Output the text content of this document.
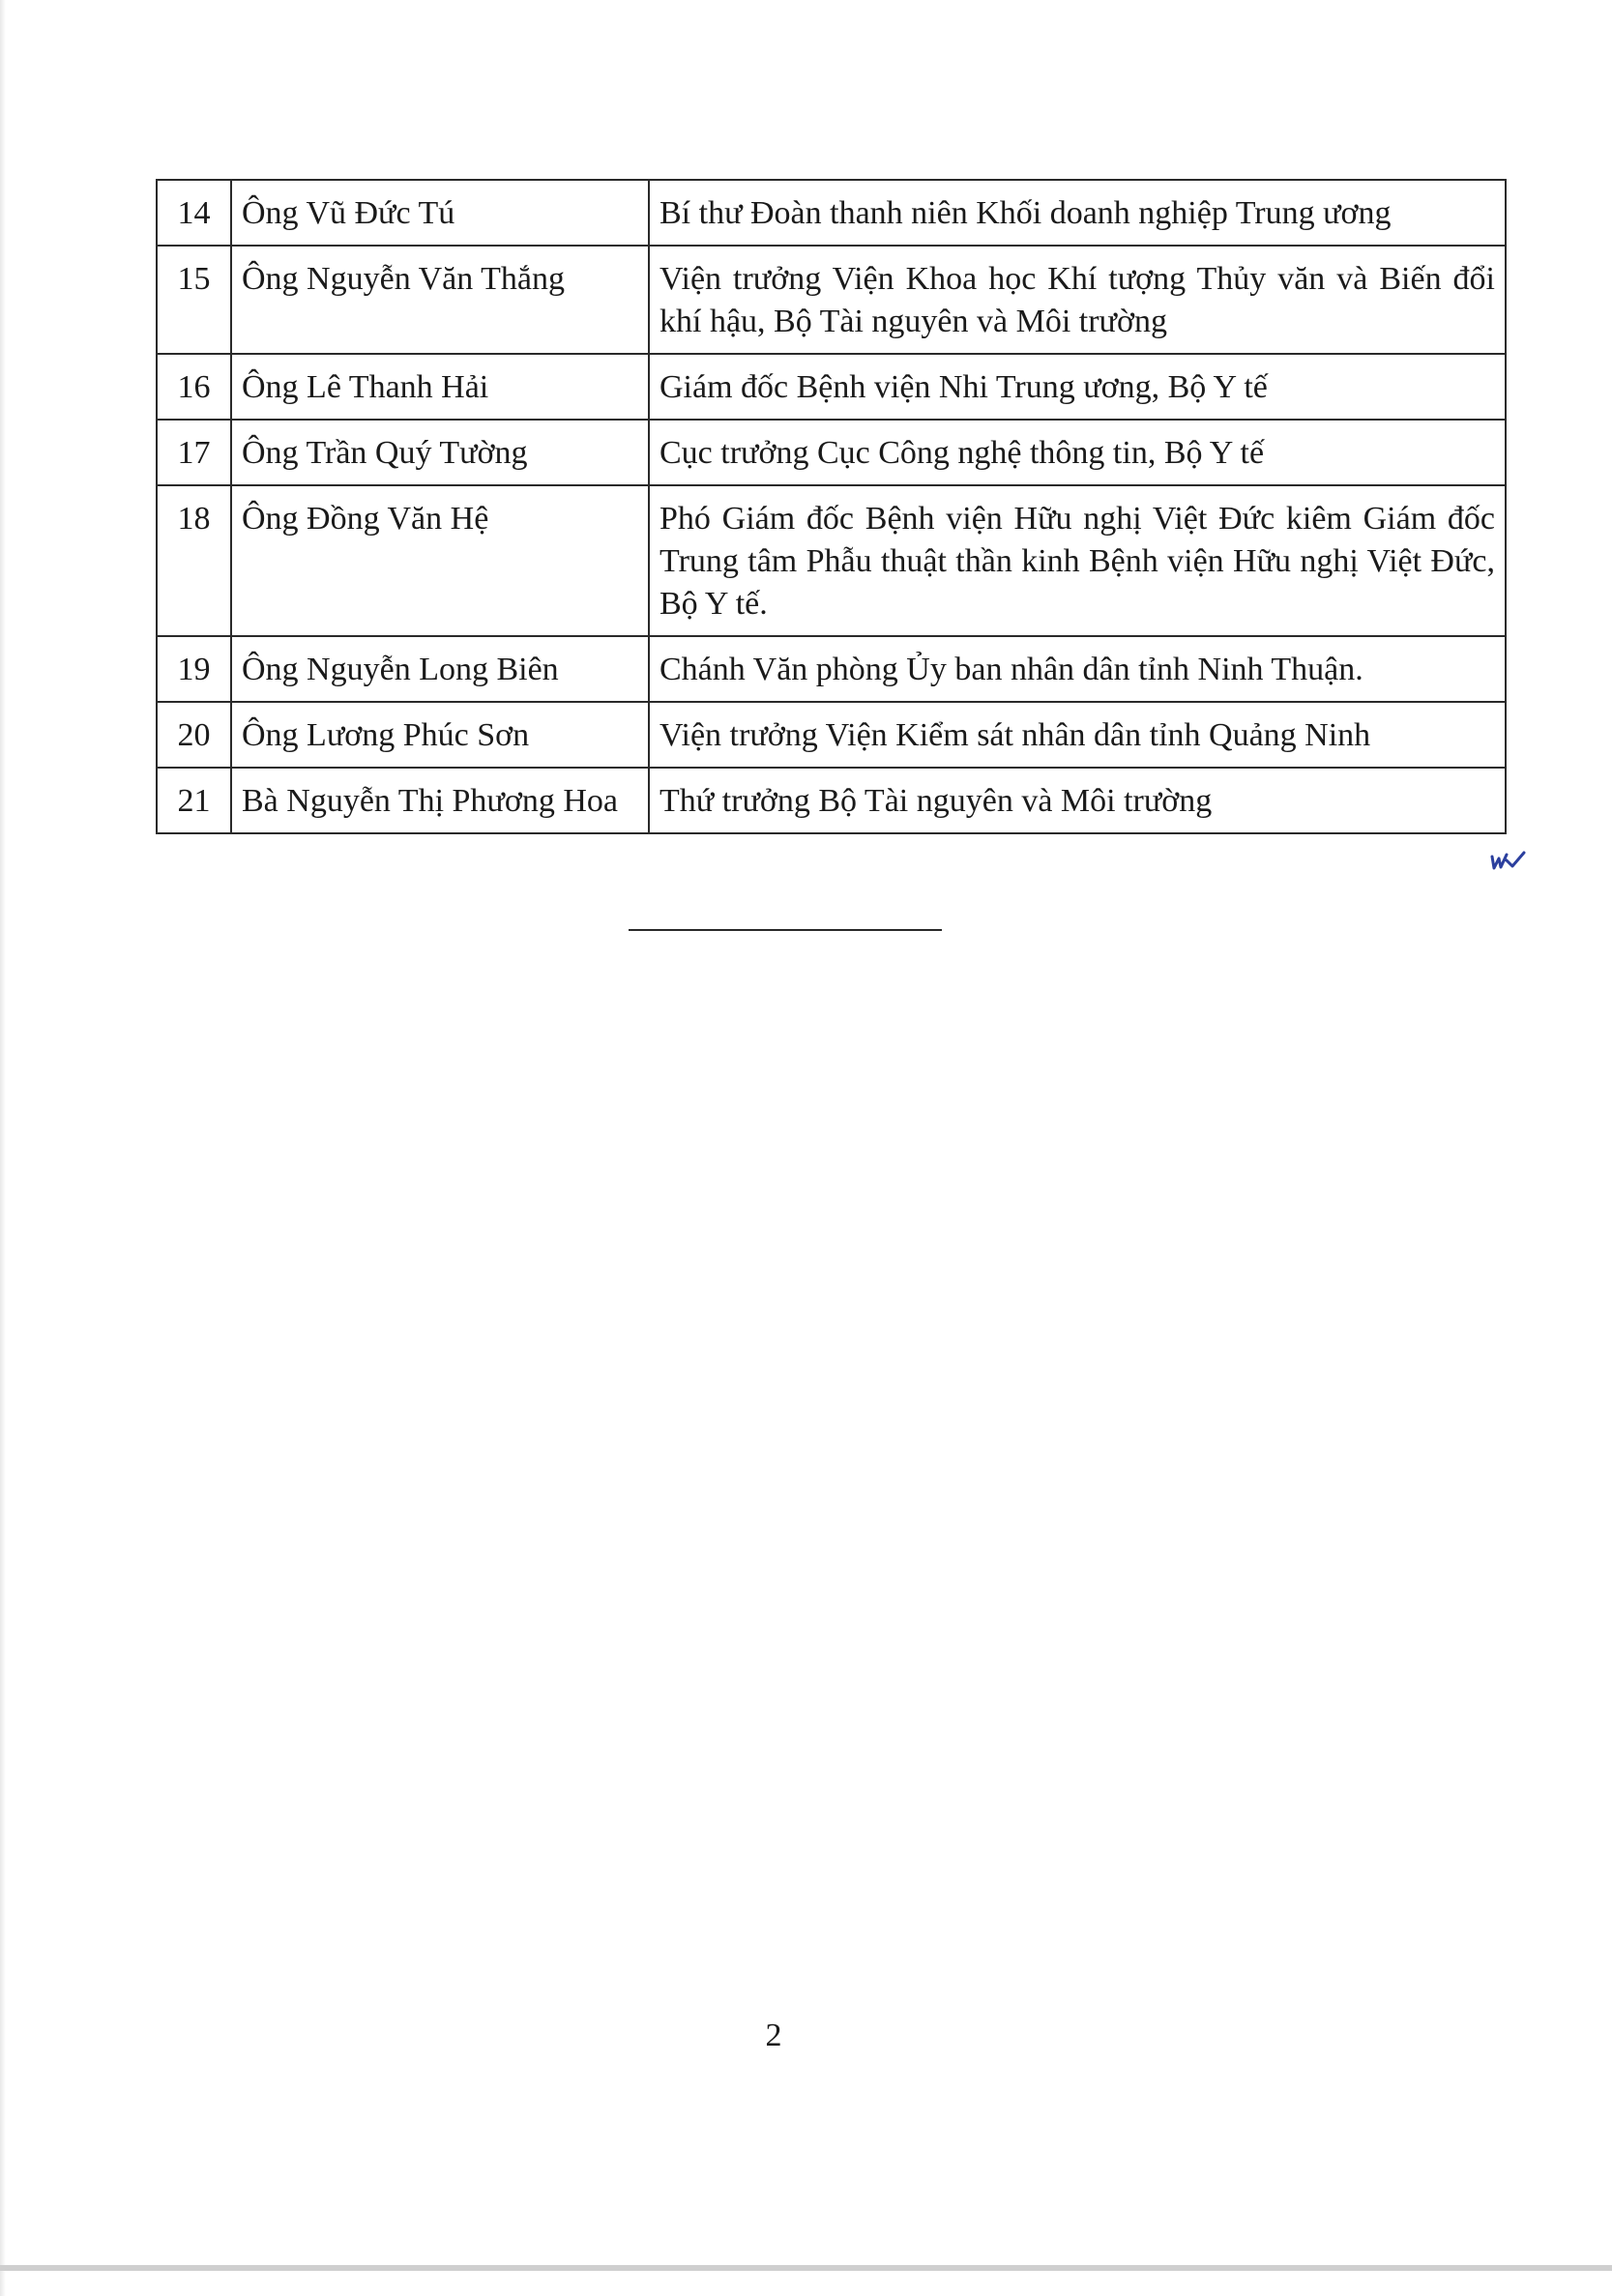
14	Ông Vũ Đức Tú	Bí thư Đoàn thanh niên Khối doanh nghiệp Trung ương
15	Ông Nguyễn Văn Thắng	Viện trưởng Viện Khoa học Khí tượng Thủy văn và Biến đổi khí hậu, Bộ Tài nguyên và Môi trường
16	Ông Lê Thanh Hải	Giám đốc Bệnh viện Nhi Trung ương, Bộ Y tế
17	Ông Trần Quý Tường	Cục trưởng Cục Công nghệ thông tin, Bộ Y tế
18	Ông Đồng Văn Hệ	Phó Giám đốc Bệnh viện Hữu nghị Việt Đức kiêm Giám đốc Trung tâm Phẫu thuật thần kinh Bệnh viện Hữu nghị Việt Đức, Bộ Y tế.
19	Ông Nguyễn Long Biên	Chánh Văn phòng Ủy ban nhân dân tỉnh Ninh Thuận.
20	Ông Lương Phúc Sơn	Viện trưởng Viện Kiểm sát nhân dân tỉnh Quảng Ninh
21	Bà Nguyễn Thị Phương Hoa	Thứ trưởng Bộ Tài nguyên và Môi trường
2
